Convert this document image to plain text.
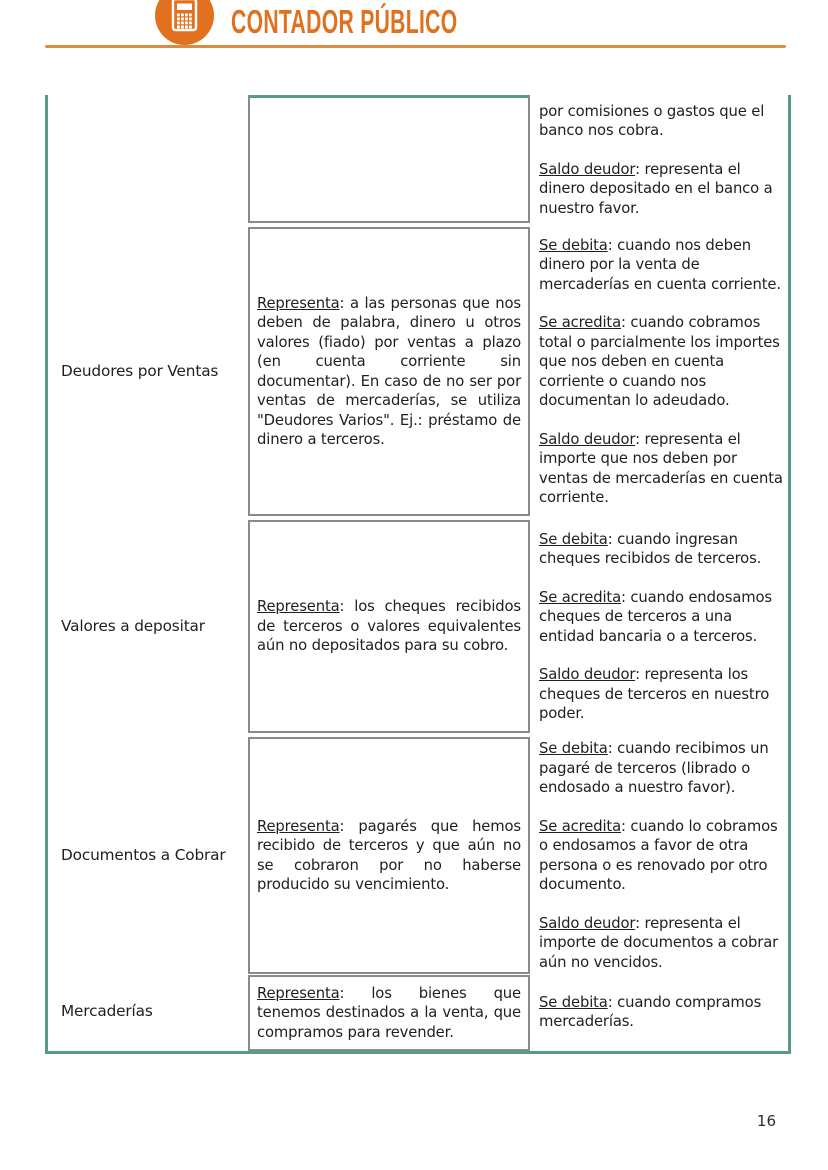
CONTADOR PÚBLICO

por comisiones o gastos que el banco nos cobra.

Saldo deudor: representa el dinero depositado en el banco a nuestro favor.

Deudores por Ventas

Representa: a las personas que nos deben de palabra, dinero u otros valores (fiado) por ventas a plazo (en cuenta corriente sin documentar). En caso de no ser por ventas de mercaderías, se utiliza "Deudores Varios". Ej.: préstamo de dinero a terceros.

Se debita: cuando nos deben dinero por la venta de mercaderías en cuenta corriente.

Se acredita: cuando cobramos total o parcialmente los importes que nos deben en cuenta corriente o cuando nos documentan lo adeudado.

Saldo deudor: representa el importe que nos deben por ventas de mercaderías en cuenta corriente.

Valores a depositar

Representa: los cheques recibidos de terceros o valores equivalentes aún no depositados para su cobro.

Se debita: cuando ingresan cheques recibidos de terceros.

Se acredita: cuando endosamos cheques de terceros a una entidad bancaria o a terceros.

Saldo deudor: representa los cheques de terceros en nuestro poder.

Documentos a Cobrar

Representa: pagarés que hemos recibido de terceros y que aún no se cobraron por no haberse producido su vencimiento.

Se debita: cuando recibimos un pagaré de terceros (librado o endosado a nuestro favor).

Se acredita: cuando lo cobramos o endosamos a favor de otra persona o es renovado por otro documento.

Saldo deudor: representa el importe de documentos a cobrar aún no vencidos.

Mercaderías

Representa: los bienes que tenemos destinados a la venta, que compramos para revender.

Se debita: cuando compramos mercaderías.

16
